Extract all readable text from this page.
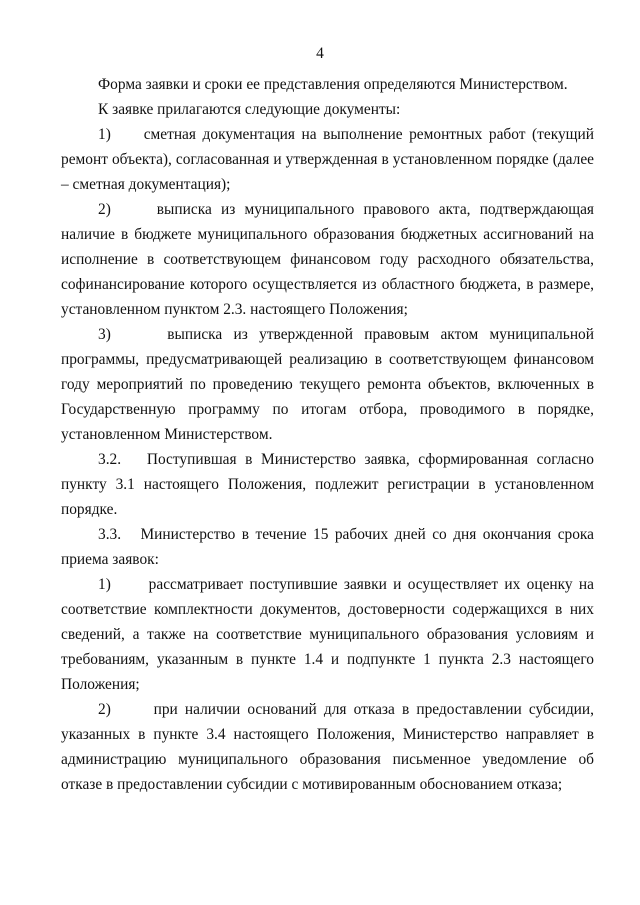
4

Форма заявки и сроки ее представления определяются Министерством.

К заявке прилагаются следующие документы:

1)     сметная документация на выполнение ремонтных работ (текущий ремонт объекта), согласованная и утвержденная в установленном порядке (далее – сметная документация);

2)     выписка из муниципального правового акта, подтверждающая наличие в бюджете муниципального образования бюджетных ассигнований на исполнение в соответствующем финансовом году расходного обязательства, софинансирование которого осуществляется из областного бюджета, в размере, установленном пунктом 2.3. настоящего Положения;

3)     выписка из утвержденной правовым актом муниципальной программы, предусматривающей реализацию в соответствующем финансовом году мероприятий по проведению текущего ремонта объектов, включенных в Государственную программу по итогам отбора, проводимого в порядке, установленном Министерством.

3.2.   Поступившая в Министерство заявка, сформированная согласно пункту 3.1 настоящего Положения, подлежит регистрации в установленном порядке.

3.3.   Министерство в течение 15 рабочих дней со дня окончания срока приема заявок:

1)      рассматривает поступившие заявки и осуществляет их оценку на соответствие комплектности документов, достоверности содержащихся в них сведений, а также на соответствие муниципального образования условиям и требованиям, указанным в пункте 1.4 и подпункте 1 пункта 2.3 настоящего Положения;

2)      при наличии оснований для отказа в предоставлении субсидии, указанных в пункте 3.4 настоящего Положения, Министерство направляет в администрацию муниципального образования письменное уведомление об отказе в предоставлении субсидии с мотивированным обоснованием отказа;
